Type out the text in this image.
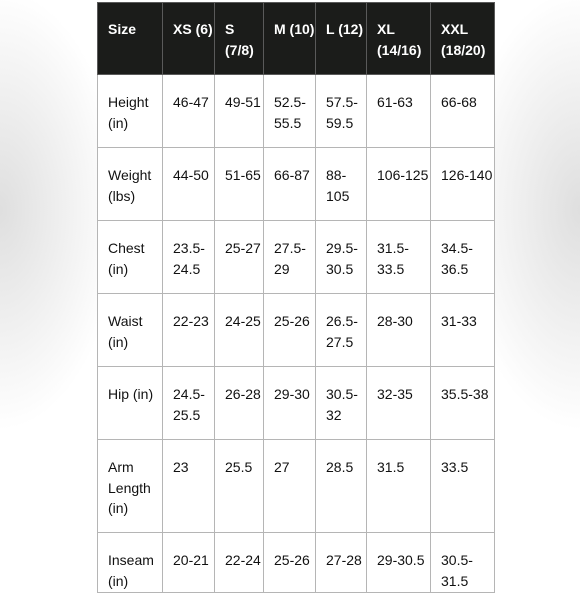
Size	XS (6)	S (7/8)	M (10)	L (12)	XL (14/16)	XXL (18/20)

Height (in)	46-47	49-51	52.5-55.5	57.5-59.5	61-63	66-68

Weight (lbs)	44-50	51-65	66-87	88-105	106-125	126-140

Chest (in)	23.5-24.5	25-27	27.5-29	29.5-30.5	31.5-33.5	34.5-36.5

Waist (in)	22-23	24-25	25-26	26.5-27.5	28-30	31-33

Hip (in)	24.5-25.5	26-28	29-30	30.5-32	32-35	35.5-38

Arm Length (in)	23	25.5	27	28.5	31.5	33.5

Inseam (in)	20-21	22-24	25-26	27-28	29-30.5	30.5-31.5
